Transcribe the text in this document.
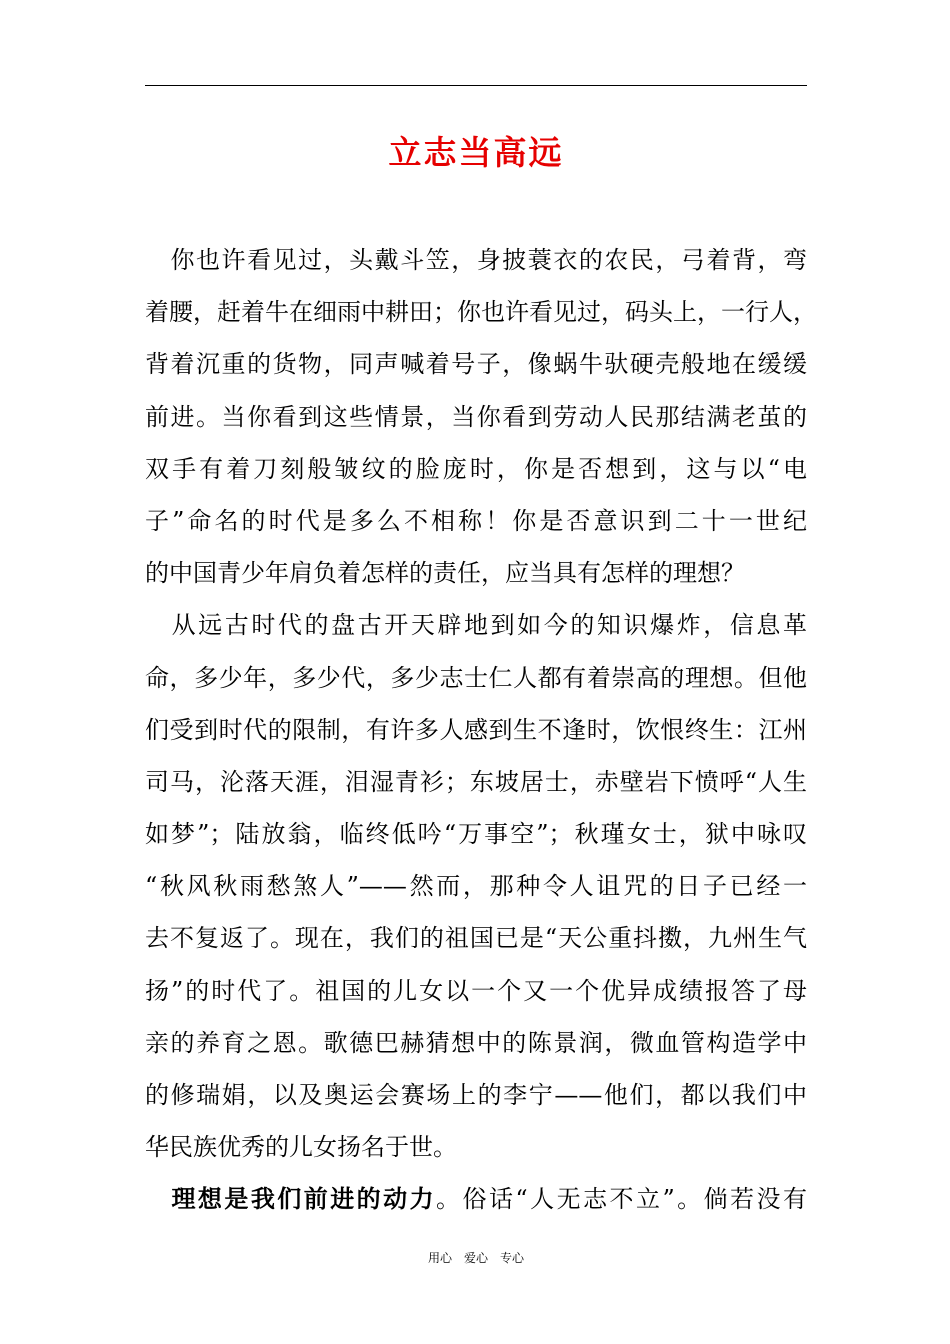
立志当高远
　你也许看见过，头戴斗笠，身披蓑衣的农民，弓着背，弯
着腰，赶着牛在细雨中耕田；你也许看见过，码头上，一行人，
背着沉重的货物，同声喊着号子，像蜗牛驮硬壳般地在缓缓
前进。当你看到这些情景，当你看到劳动人民那结满老茧的
双手有着刀刻般皱纹的脸庞时，你是否想到，这与以“电
子”命名的时代是多么不相称！你是否意识到二十一世纪
的中国青少年肩负着怎样的责任，应当具有怎样的理想？
　从远古时代的盘古开天辟地到如今的知识爆炸，信息革
命，多少年，多少代，多少志士仁人都有着崇高的理想。但他
们受到时代的限制，有许多人感到生不逢时，饮恨终生：江州
司马，沦落天涯，泪湿青衫；东坡居士，赤壁岩下愤呼“人生
如梦”；陆放翁，临终低吟“万事空”；秋瑾女士，狱中咏叹
“秋风秋雨愁煞人”——然而，那种令人诅咒的日子已经一
去不复返了。现在，我们的祖国已是“天公重抖擞，九州生气
扬”的时代了。祖国的儿女以一个又一个优异成绩报答了母
亲的养育之恩。歌德巴赫猜想中的陈景润，微血管构造学中
的修瑞娟，以及奥运会赛场上的李宁——他们，都以我们中
华民族优秀的儿女扬名于世。
　理想是我们前进的动力。俗话“人无志不立”。倘若没有
用心　爱心　专心
